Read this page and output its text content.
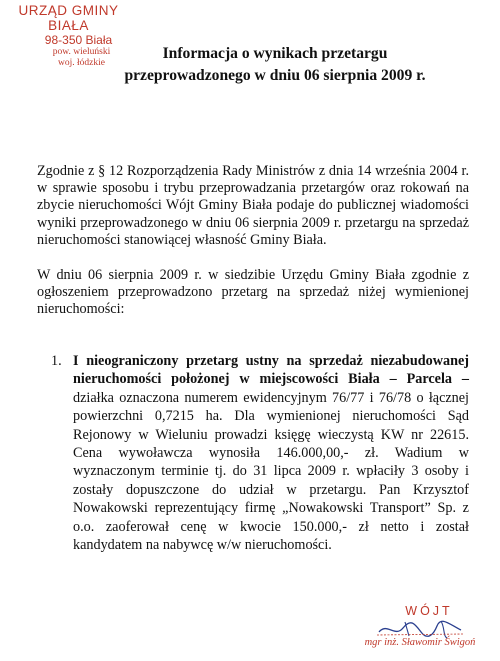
URZĄD GMINY BIAŁA
98-350 Biała
pow. wieluński
woj. łódzkie
Informacja o wynikach przetargu
przeprowadzonego w dniu 06 sierpnia 2009 r.

Zgodnie z § 12 Rozporządzenia Rady Ministrów z dnia 14 września 2004 r. w sprawie sposobu i trybu przeprowadzania przetargów oraz rokowań na zbycie nieruchomości Wójt Gminy Biała podaje do publicznej wiadomości wyniki przeprowadzonego w dniu 06 sierpnia 2009 r. przetargu na sprzedaż nieruchomości stanowiącej własność Gminy Biała.

W dniu 06 sierpnia 2009 r. w siedzibie Urzędu Gminy Biała zgodnie z ogłoszeniem przeprowadzono przetarg na sprzedaż niżej wymienionej nieruchomości:

1. I nieograniczony przetarg ustny na sprzedaż niezabudowanej nieruchomości położonej w miejscowości Biała – Parcela – działka oznaczona numerem ewidencyjnym 76/77 i 76/78 o łącznej powierzchni 0,7215 ha. Dla wymienionej nieruchomości Sąd Rejonowy w Wieluniu prowadzi księgę wieczystą KW nr 22615. Cena wywoławcza wynosiła 146.000,00,- zł. Wadium w wyznaczonym terminie tj. do 31 lipca 2009 r. wpłaciły 3 osoby i zostały dopuszczone do udział w przetargu. Pan Krzysztof Nowakowski reprezentujący firmę „Nowakowski Transport” Sp. z o.o. zaoferował cenę w kwocie 150.000,- zł netto i został kandydatem na nabywcę w/w nieruchomości.
WÓJT
mgr inż. Sławomir Świgoń
